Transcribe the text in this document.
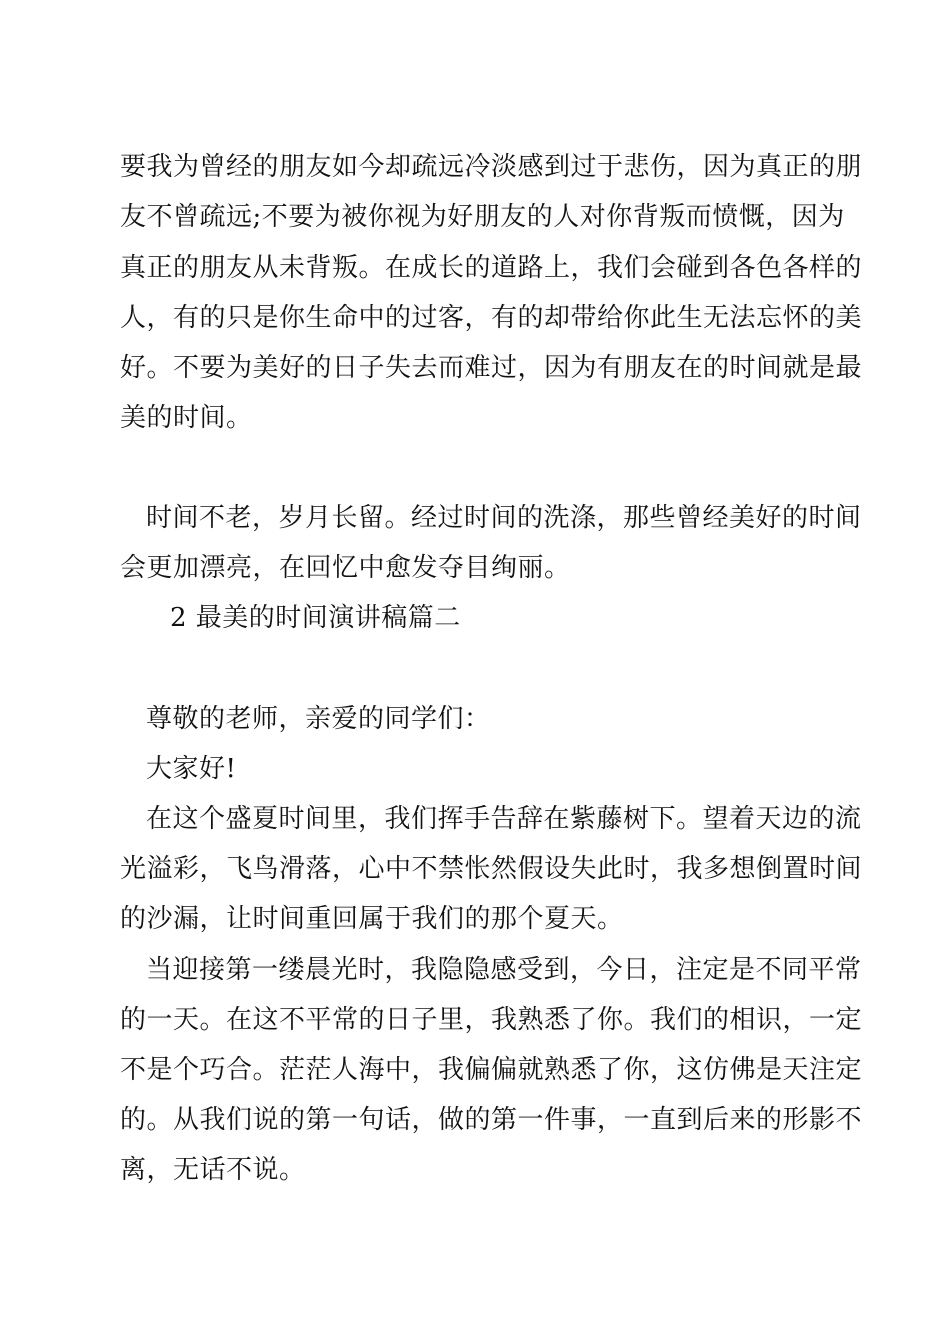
要我为曾经的朋友如今却疏远冷淡感到过于悲伤，因为真正的朋
友不曾疏远;不要为被你视为好朋友的人对你背叛而愤慨，因为
真正的朋友从未背叛。在成长的道路上，我们会碰到各色各样的
人，有的只是你生命中的过客，有的却带给你此生无法忘怀的美
好。不要为美好的日子失去而难过，因为有朋友在的时间就是最
美的时间。
时间不老，岁月长留。经过时间的洗涤，那些曾经美好的时间
会更加漂亮，在回忆中愈发夺目绚丽。
2 最美的时间演讲稿篇二
尊敬的老师，亲爱的同学们：
大家好!
在这个盛夏时间里，我们挥手告辞在紫藤树下。望着天边的流
光溢彩，飞鸟滑落，心中不禁怅然假设失此时，我多想倒置时间
的沙漏，让时间重回属于我们的那个夏天。
当迎接第一缕晨光时，我隐隐感受到，今日，注定是不同平常
的一天。在这不平常的日子里，我熟悉了你。我们的相识，一定
不是个巧合。茫茫人海中，我偏偏就熟悉了你，这仿佛是天注定
的。从我们说的第一句话，做的第一件事，一直到后来的形影不
离，无话不说。
